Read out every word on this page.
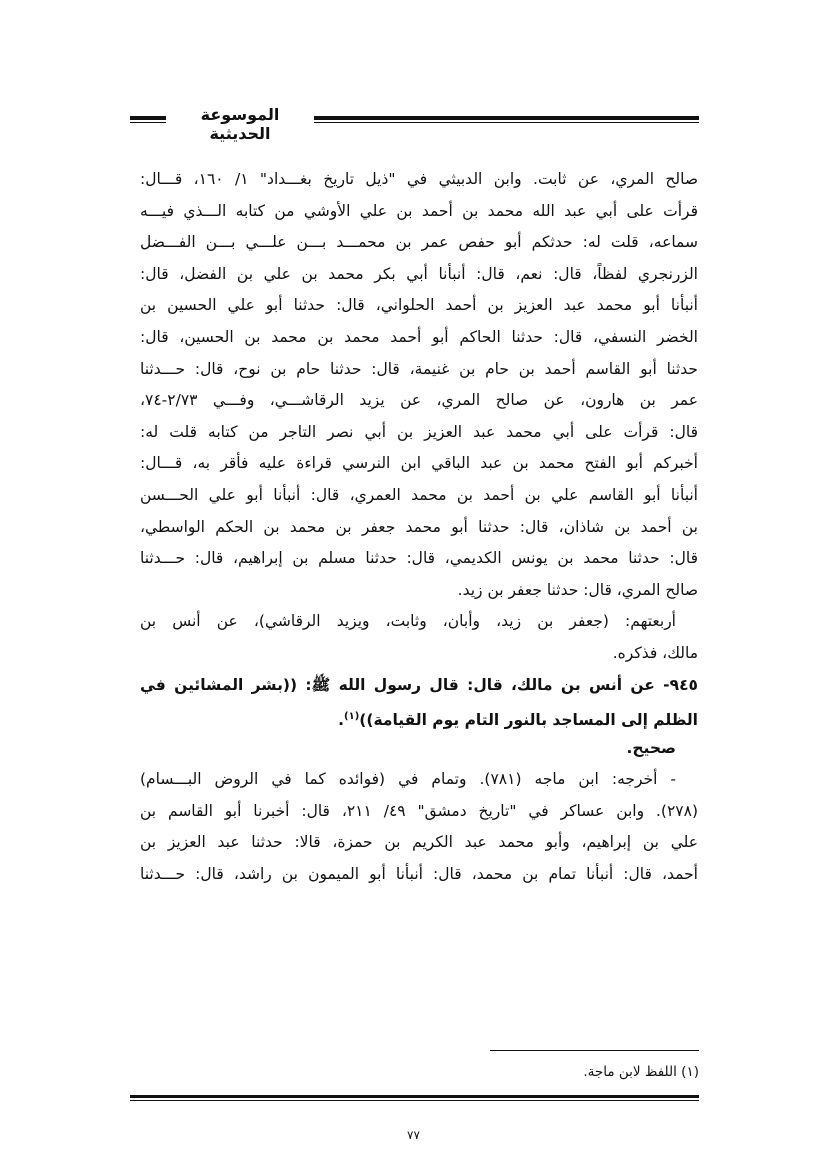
الموسوعة الحديثية
صالح المري، عن ثابت. وابن الدبيثي في "ذيل تاريخ بغـــداد" ١/ ١٦٠، قـــال:
قرأت على أبي عبد الله محمد بن أحمد بن علي الأوشي من كتابه الـــذي فيـــه
سماعه، قلت له: حدثكم أبو حفص عمر بن محمـــد بـــن علـــي بـــن الفـــضل
الزرنجري لفظاً، قال: نعم، قال: أنبأنا أبي بكر محمد بن علي بن الفضل، قال:
أنبأنا أبو محمد عبد العزيز بن أحمد الحلواني، قال: حدثنا أبو علي الحسين بن
الخضر النسفي، قال: حدثنا الحاكم أبو أحمد محمد بن محمد بن الحسين، قال:
حدثنا أبو القاسم أحمد بن حام بن غنيمة، قال: حدثنا حام بن نوح، قال: حـــدثنا
عمر بن هارون، عن صالح المري، عن يزيد الرقاشـــي، وفـــي ٢/٧٣-٧٤،
قال: قرأت على أبي محمد عبد العزيز بن أبي نصر التاجر من كتابه قلت له:
أخبركم أبو الفتح محمد بن عبد الباقي ابن النرسي قراءة عليه فأقر به، قـــال:
أنبأنا أبو القاسم علي بن أحمد بن محمد العمري، قال: أنبأنا أبو علي الحـــسن
بن أحمد بن شاذان، قال: حدثنا أبو محمد جعفر بن محمد بن الحكم الواسطي،
قال: حدثنا محمد بن يونس الكديمي، قال: حدثنا مسلم بن إبراهيم، قال: حـــدثنا
صالح المري، قال: حدثنا جعفر بن زيد.
أربعتهم: (جعفر بن زيد، وأبان، وثابت، ويزيد الرقاشي)، عن أنس بن
مالك، فذكره.
٩٤٥- عن أنس بن مالك، قال: قال رسول الله ﷺ: ((بشر المشائين في
الظلم إلى المساجد بالنور التام يوم القيامة))$^{(١)}$.
صحيح.
- أخرجه: ابن ماجه (٧٨١). وتمام في (فوائده كما في الروض البـــسام)
(٢٧٨). وابن عساكر في "تاريخ دمشق" ٤٩/ ٢١١، قال: أخبرنا أبو القاسم بن
علي بن إبراهيم، وأبو محمد عبد الكريم بن حمزة، قالا: حدثنا عبد العزيز بن
أحمد، قال: أنبأنا تمام بن محمد، قال: أنبأنا أبو الميمون بن راشد، قال: حـــدثنا
(١) اللفظ لابن ماجة.
٧٧
